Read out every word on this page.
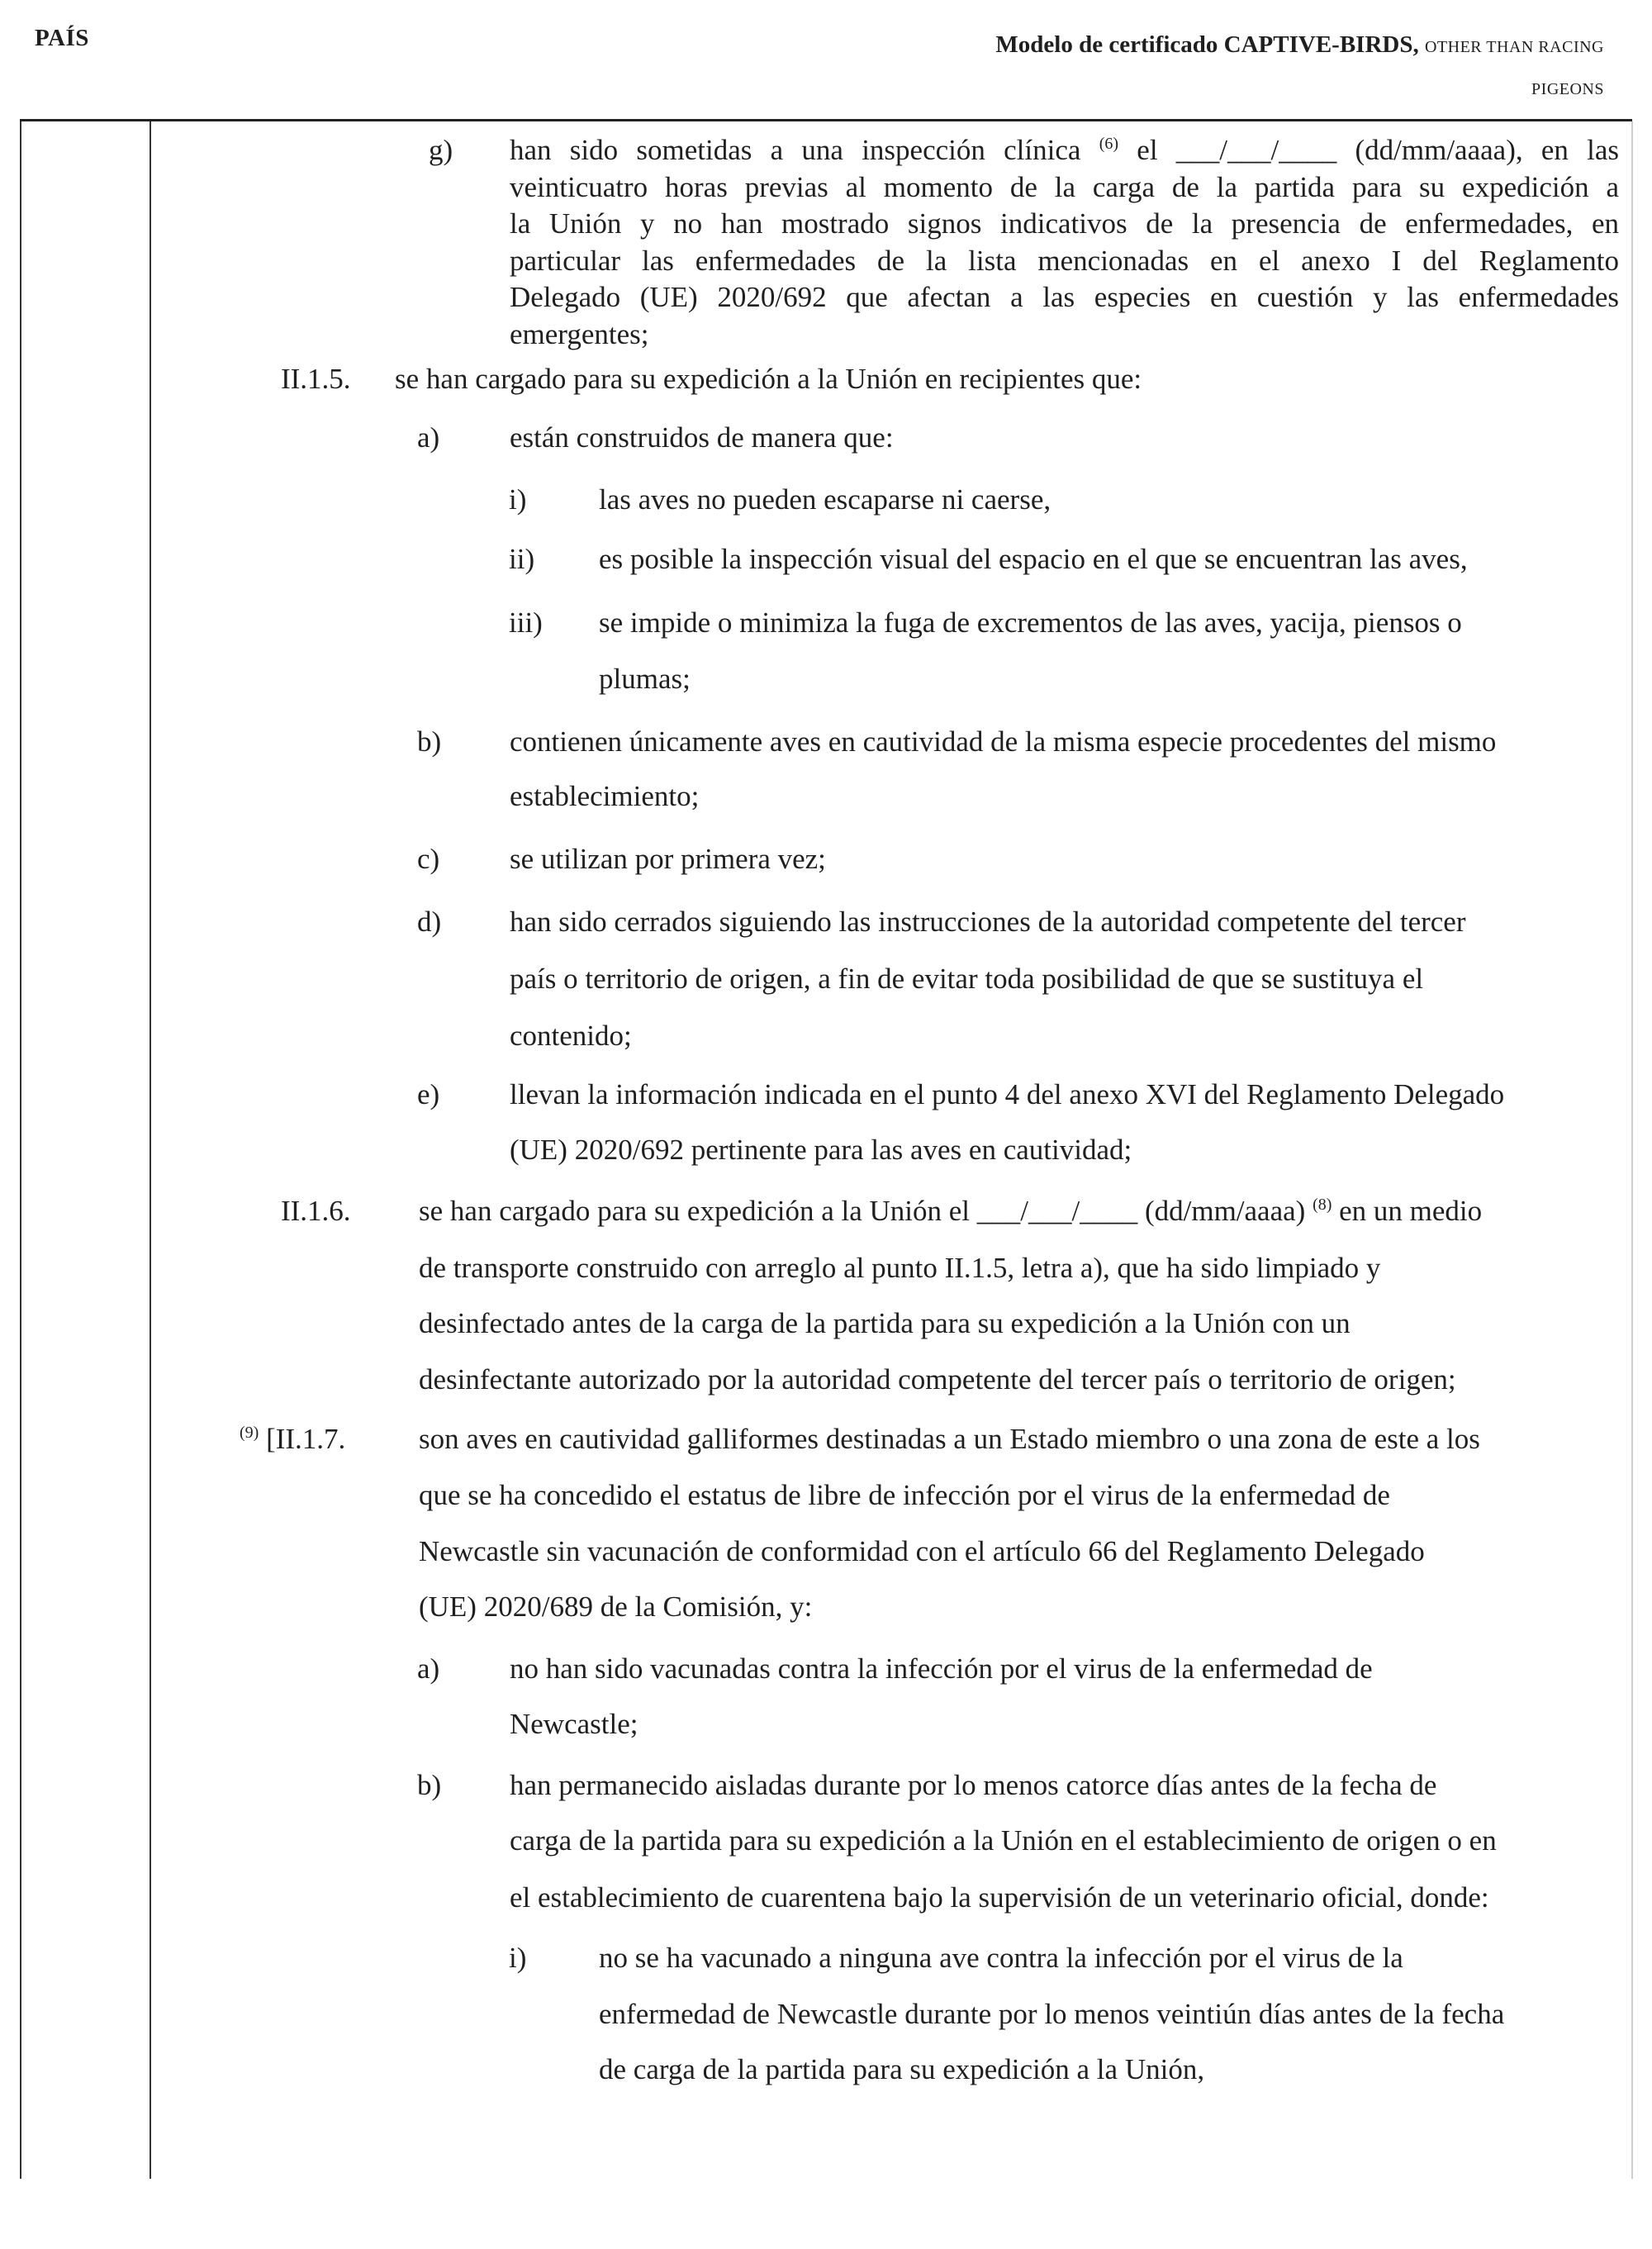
PAÍS	Modelo de certificado CAPTIVE-BIRDS, OTHER THAN RACING
PIGEONS
g) han sido sometidas a una inspección clínica $^{(6)}$ el ___/___/____ (dd/mm/aaaa), en las
veinticuatro horas previas al momento de la carga de la partida para su expedición a
la Unión y no han mostrado signos indicativos de la presencia de enfermedades, en
particular las enfermedades de la lista mencionadas en el anexo I del Reglamento
Delegado (UE) 2020/692 que afectan a las especies en cuestión y las enfermedades
emergentes;
II.1.5. se han cargado para su expedición a la Unión en recipientes que:
a) están construidos de manera que:
i)	las aves no pueden escaparse ni caerse,
ii) es posible la inspección visual del espacio en el que se encuentran las aves,
iii) se impide o minimiza la fuga de excrementos de las aves, yacija, piensos o
plumas;
b) contienen únicamente aves en cautividad de la misma especie procedentes del mismo
establecimiento;
c) se utilizan por primera vez;
d) han sido cerrados siguiendo las instrucciones de la autoridad competente del tercer
país o territorio de origen, a fin de evitar toda posibilidad de que se sustituya el
contenido;
e) llevan la información indicada en el punto 4 del anexo XVI del Reglamento Delegado
(UE) 2020/692 pertinente para las aves en cautividad;
II.1.6. se han cargado para su expedición a la Unión el ___/___/____ (dd/mm/aaaa) $^{(8)}$ en un medio
de transporte construido con arreglo al punto II.1.5, letra a), que ha sido limpiado y
desinfectado antes de la carga de la partida para su expedición a la Unión con un
desinfectante autorizado por la autoridad competente del tercer país o territorio de origen;
$^{(9)}$ [II.1.7.	son aves en cautividad galliformes destinadas a un Estado miembro o una zona de este a los
que se ha concedido el estatus de libre de infección por el virus de la enfermedad de
Newcastle sin vacunación de conformidad con el artículo 66 del Reglamento Delegado
(UE) 2020/689 de la Comisión, y:
a) no han sido vacunadas contra la infección por el virus de la enfermedad de
Newcastle;
b) han permanecido aisladas durante por lo menos catorce días antes de la fecha de
carga de la partida para su expedición a la Unión en el establecimiento de origen o en
el establecimiento de cuarentena bajo la supervisión de un veterinario oficial, donde:
i)	no se ha vacunado a ninguna ave contra la infección por el virus de la
enfermedad de Newcastle durante por lo menos veintiún días antes de la fecha
de carga de la partida para su expedición a la Unión,
